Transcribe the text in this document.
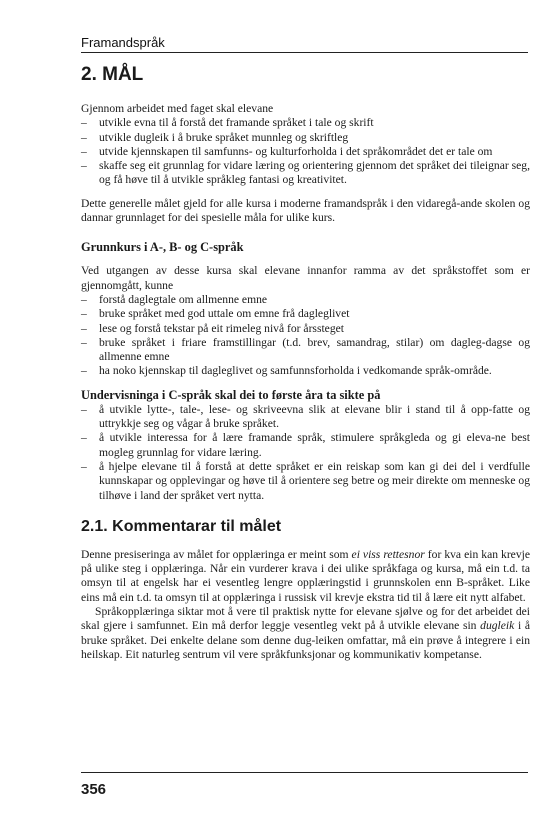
Framandspråk
2. MÅL

Gjennom arbeidet med faget skal elevane

– utvikle evna til å forstå det framande språket i tale og skrift
– utvikle dugleik i å bruke språket munnleg og skriftleg
– utvide kjennskapen til samfunns- og kulturforholda i det språkområdet det er tale om
– skaffe seg eit grunnlag for vidare læring og orientering gjennom det språket dei tileignar seg, og få høve til å utvikle språkleg fantasi og kreativitet.

Dette generelle målet gjeld for alle kursa i moderne framandspråk i den vidaregå-ande skolen og dannar grunnlaget for dei spesielle måla for ulike kurs.

Grunnkurs i A-, B- og C-språk

Ved utgangen av desse kursa skal elevane innanfor ramma av det språkstoffet som er gjennomgått, kunne

– forstå daglegtale om allmenne emne
– bruke språket med god uttale om emne frå dagleglivet
– lese og forstå tekstar på eit rimeleg nivå for årssteget
– bruke språket i friare framstillingar (t.d. brev, samandrag, stilar) om dagleg-dagse og allmenne emne
– ha noko kjennskap til dagleglivet og samfunnsforholda i vedkomande språk-område.
Undervisninga i C-språk skal dei to første åra ta sikte på
– å utvikle lytte-, tale-, lese- og skriveevna slik at elevane blir i stand til å opp-fatte og uttrykkje seg og vågar å bruke språket.
– å utvikle interessa for å lære framande språk, stimulere språkgleda og gi eleva-ne best mogleg grunnlag for vidare læring.
– å hjelpe elevane til å forstå at dette språket er ein reiskap som kan gi dei del i verdfulle kunnskapar og opplevingar og høve til å orientere seg betre og meir direkte om menneske og tilhøve i land der språket vert nytta.
2.1. Kommentarar til målet

Denne presiseringa av målet for opplæringa er meint som ei viss rettesnor for kva ein kan krevje på ulike steg i opplæringa. Når ein vurderer krava i dei ulike språkfaga og kursa, må ein t.d. ta omsyn til at engelsk har ei vesentleg lengre opplæringstid i grunnskolen enn B-språket. Like eins må ein t.d. ta omsyn til at opplæringa i russisk vil krevje ekstra tid til å lære eit nytt alfabet.

Språkopplæringa siktar mot å vere til praktisk nytte for elevane sjølve og for det arbeidet dei skal gjere i samfunnet. Ein må derfor leggje vesentleg vekt på å utvikle elevane sin dugleik i å bruke språket. Dei enkelte delane som denne dug-leiken omfattar, må ein prøve å integrere i ein heilskap. Eit naturleg sentrum vil vere språkfunksjonar og kommunikativ kompetanse.

356
